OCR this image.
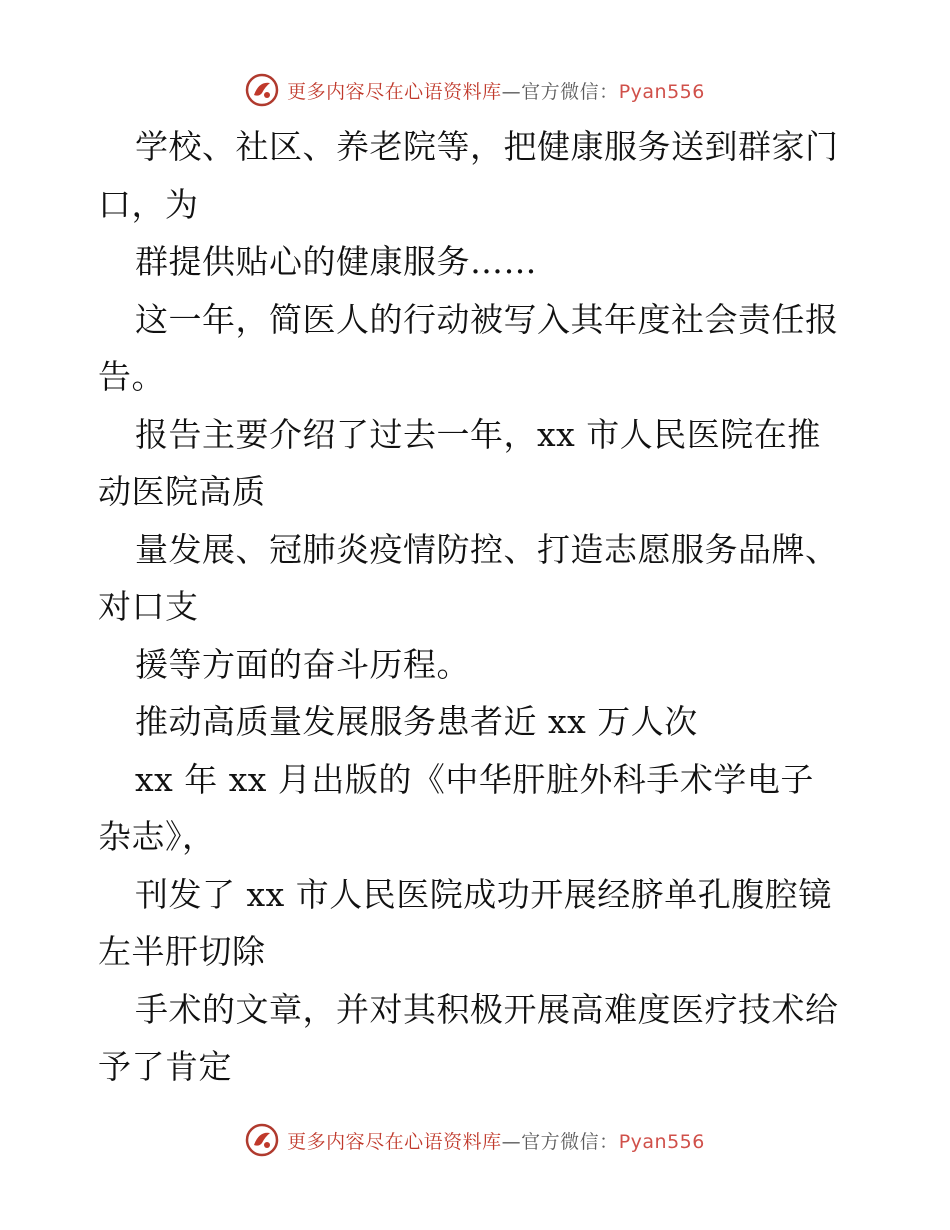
更多内容尽在心语资料库—官方微信：Pyan556
学校、社区、养老院等，把健康服务送到群家门
口，为
群提供贴心的健康服务……
这一年，简医人的行动被写入其年度社会责任报
告。
报告主要介绍了过去一年，xx 市人民医院在推
动医院高质
量发展、冠肺炎疫情防控、打造志愿服务品牌、
对口支
援等方面的奋斗历程。
推动高质量发展服务患者近 xx 万人次
xx 年 xx 月出版的《中华肝脏外科手术学电子
杂志》，
刊发了 xx 市人民医院成功开展经脐单孔腹腔镜
左半肝切除
手术的文章，并对其积极开展高难度医疗技术给
予了肯定
更多内容尽在心语资料库—官方微信：Pyan556
